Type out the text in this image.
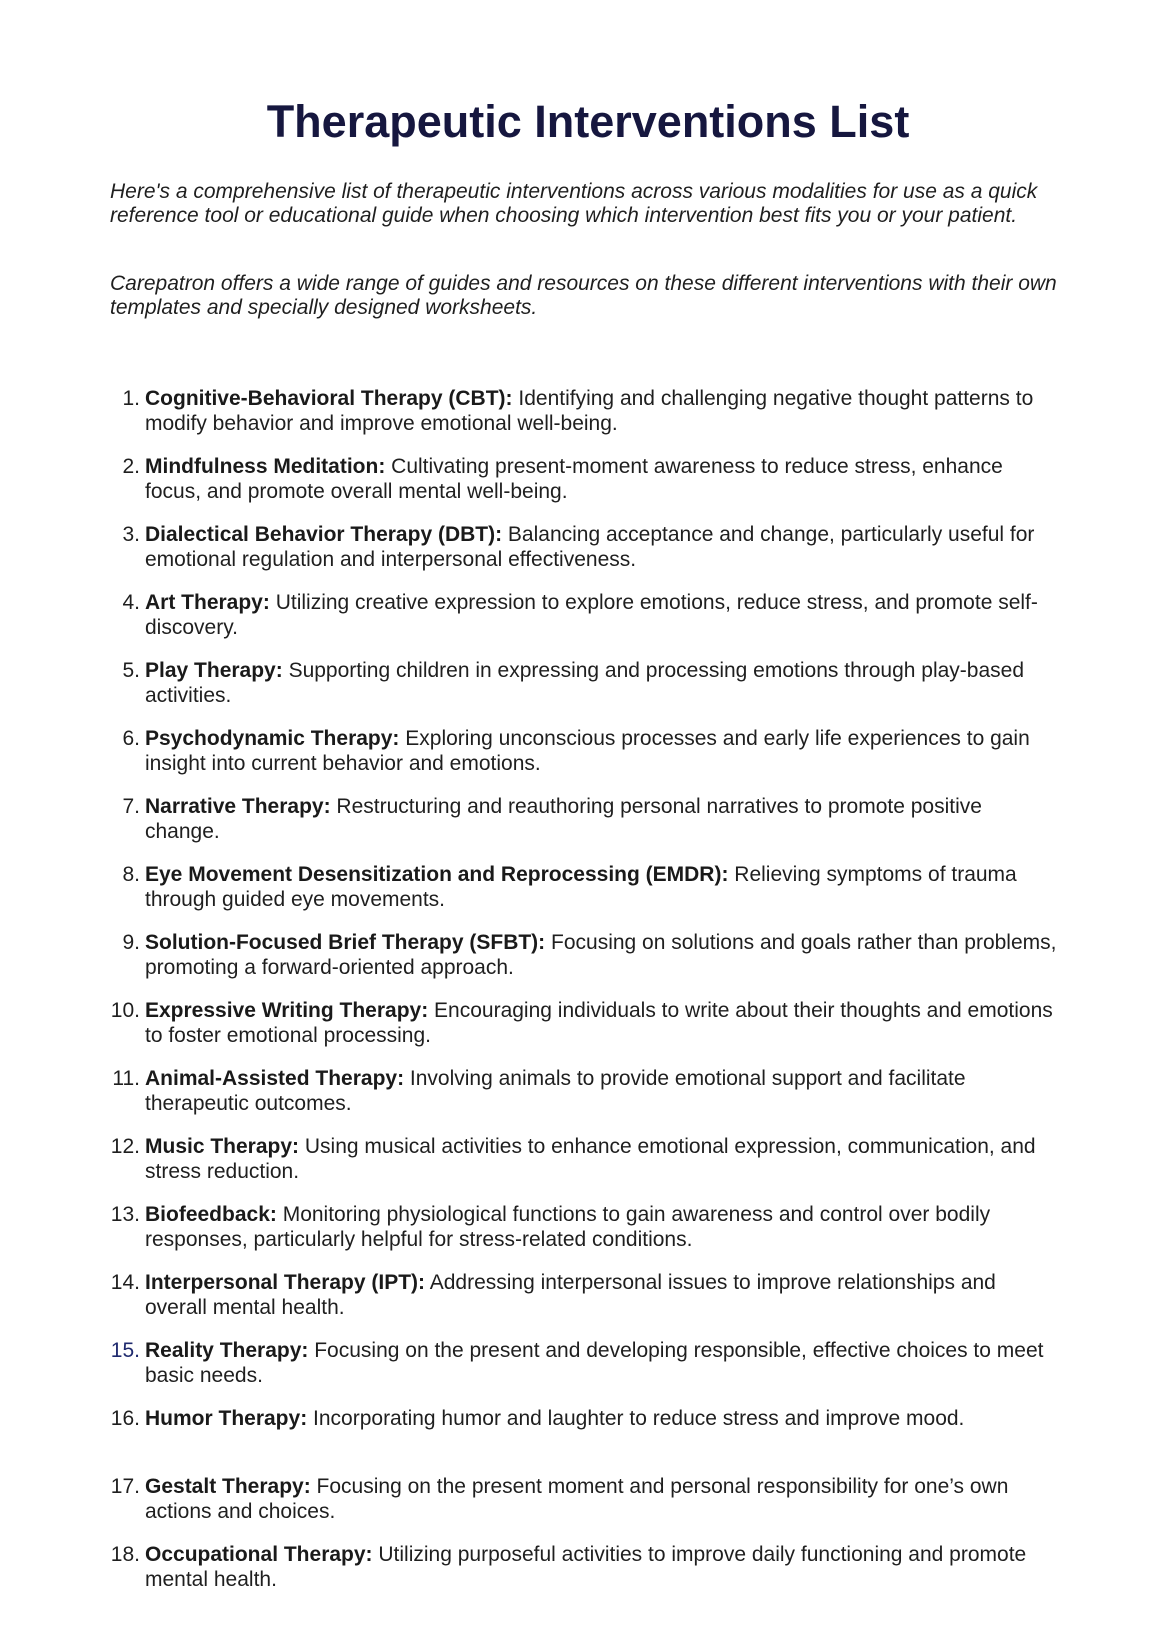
Therapeutic Interventions List

Here's a comprehensive list of therapeutic interventions across various modalities for use as a quick reference tool or educational guide when choosing which intervention best fits you or your patient.

Carepatron offers a wide range of guides and resources on these different interventions with their own templates and specially designed worksheets.

1. Cognitive-Behavioral Therapy (CBT): Identifying and challenging negative thought patterns to modify behavior and improve emotional well-being.
2. Mindfulness Meditation: Cultivating present-moment awareness to reduce stress, enhance focus, and promote overall mental well-being.
3. Dialectical Behavior Therapy (DBT): Balancing acceptance and change, particularly useful for emotional regulation and interpersonal effectiveness.
4. Art Therapy: Utilizing creative expression to explore emotions, reduce stress, and promote self-discovery.
5. Play Therapy: Supporting children in expressing and processing emotions through play-based activities.
6. Psychodynamic Therapy: Exploring unconscious processes and early life experiences to gain insight into current behavior and emotions.
7. Narrative Therapy: Restructuring and reauthoring personal narratives to promote positive change.
8. Eye Movement Desensitization and Reprocessing (EMDR): Relieving symptoms of trauma through guided eye movements.
9. Solution-Focused Brief Therapy (SFBT): Focusing on solutions and goals rather than problems, promoting a forward-oriented approach.
10. Expressive Writing Therapy: Encouraging individuals to write about their thoughts and emotions to foster emotional processing.
11. Animal-Assisted Therapy: Involving animals to provide emotional support and facilitate therapeutic outcomes.
12. Music Therapy: Using musical activities to enhance emotional expression, communication, and stress reduction.
13. Biofeedback: Monitoring physiological functions to gain awareness and control over bodily responses, particularly helpful for stress-related conditions.
14. Interpersonal Therapy (IPT): Addressing interpersonal issues to improve relationships and overall mental health.
15. Reality Therapy: Focusing on the present and developing responsible, effective choices to meet basic needs.
16. Humor Therapy: Incorporating humor and laughter to reduce stress and improve mood.
17. Gestalt Therapy: Focusing on the present moment and personal responsibility for one’s own actions and choices.
18. Occupational Therapy: Utilizing purposeful activities to improve daily functioning and promote mental health.
